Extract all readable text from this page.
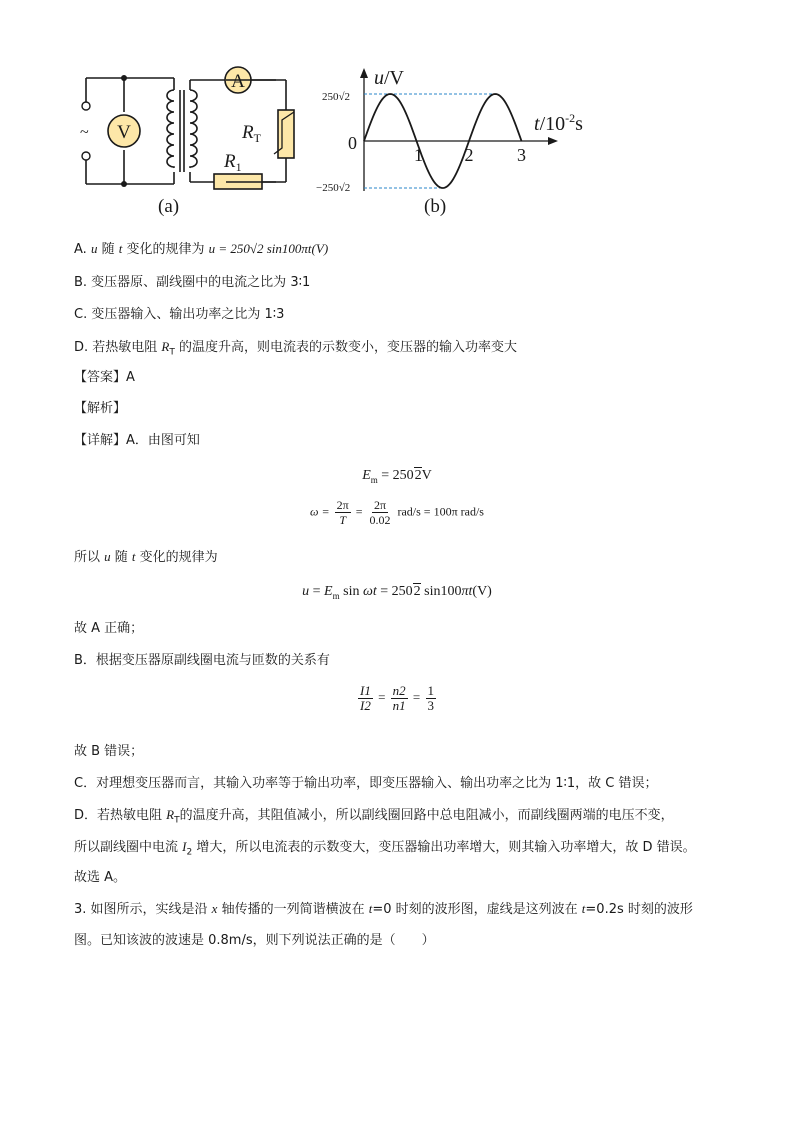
~ V
A
$R_1$
$R_T$
(a)
1 2 3
u/V
250√2
−250√2
0
$t/10^{-2}s$
(b)
A. u 随 t 变化的规律为 u = 250√2 sin100πt(V)
B. 变压器原、副线圈中的电流之比为 3∶1
C. 变压器输入、输出功率之比为 1∶3
D. 若热敏电阻 $R_T$ 的温度升高，则电流表的示数变小，变压器的输入功率变大
【答案】A
【解析】
【详解】A．由图可知
$E_m = 2502V$
$\omega = \frac{2\pi}{T} = \frac{2\pi}{0.02} rad/s = 100\pi$ rad/s
所以 u 随 t 变化的规律为
$u = E_m$ sin ωt = 2502 sin100πt(V)
故 A 正确；
B．根据变压器原副线圈电流与匝数的关系有
$\frac{I1}{I2} = \frac{n2}{n1} = \frac{1}{3}$
故 B 错误；
C．对理想变压器而言，其输入功率等于输出功率，即变压器输入、输出功率之比为 1∶1，故 C 错误；
D．若热敏电阻 $R_T$的温度升高，其阻值减小，所以副线圈回路中总电阻减小，而副线圈两端的电压不变，
所以副线圈中电流 $I_2$ 增大，所以电流表的示数变大，变压器输出功率增大，则其输入功率增大，故 D 错误。
故选 A。
3. 如图所示，实线是沿 x 轴传播的一列简谐横波在 t=0 时刻的波形图，虚线是这列波在 t=0.2s 时刻的波形
图。已知该波的波速是 0.8m/s，则下列说法正确的是（　　）
